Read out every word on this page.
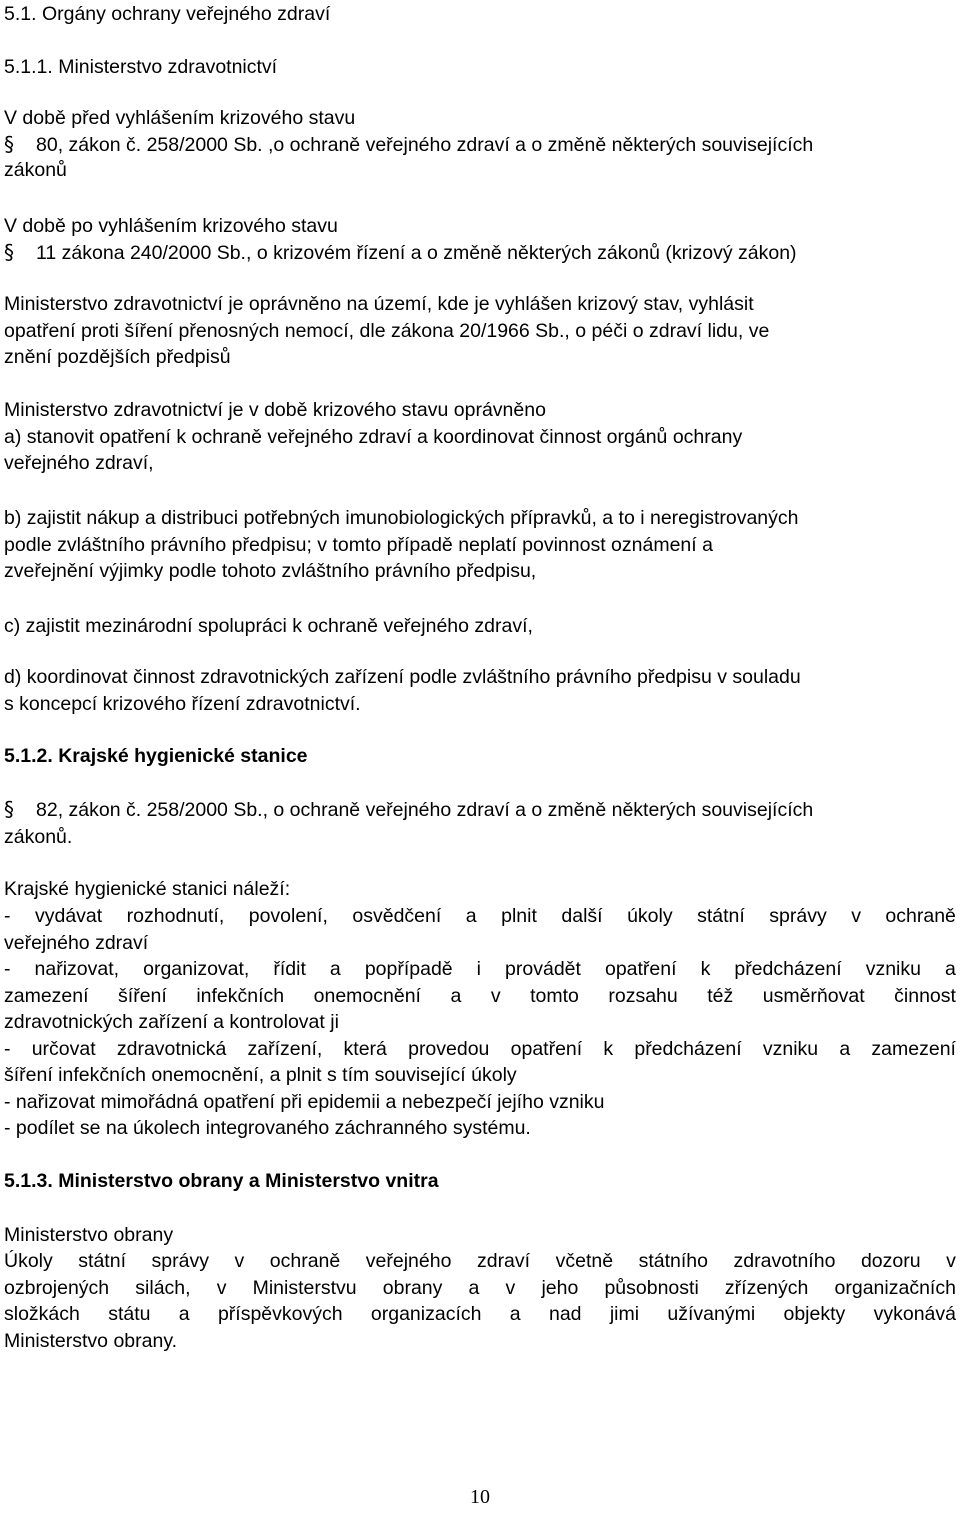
5.1. Orgány ochrany veřejného zdraví
5.1.1. Ministerstvo zdravotnictví
V době před vyhlášením krizového stavu
§ 80, zákon č. 258/2000 Sb. ,o ochraně veřejného zdraví a o změně některých souvisejících
zákonů
V době po vyhlášením krizového stavu
§ 11 zákona 240/2000 Sb., o krizovém řízení a o změně některých zákonů (krizový zákon)
Ministerstvo zdravotnictví je oprávněno na území, kde je vyhlášen krizový stav, vyhlásit
opatření proti šíření přenosných nemocí, dle zákona 20/1966 Sb., o péči o zdraví lidu, ve
znění pozdějších předpisů
Ministerstvo zdravotnictví je v době krizového stavu oprávněno
a) stanovit opatření k ochraně veřejného zdraví a koordinovat činnost orgánů ochrany
veřejného zdraví,
b) zajistit nákup a distribuci potřebných imunobiologických přípravků, a to i neregistrovaných
podle zvláštního právního předpisu; v tomto případě neplatí povinnost oznámení a
zveřejnění výjimky podle tohoto zvláštního právního předpisu,
c) zajistit mezinárodní spolupráci k ochraně veřejného zdraví,
d) koordinovat činnost zdravotnických zařízení podle zvláštního právního předpisu v souladu
s koncepcí krizového řízení zdravotnictví.
5.1.2. Krajské hygienické stanice
§ 82, zákon č. 258/2000 Sb., o ochraně veřejného zdraví a o změně některých souvisejících
zákonů.
Krajské hygienické stanici náleží:
- vydávat rozhodnutí, povolení, osvědčení a plnit další úkoly státní správy v ochraně
veřejného zdraví
- nařizovat, organizovat, řídit a popřípadě i provádět opatření k předcházení vzniku a
zamezení šíření infekčních onemocnění a v tomto rozsahu též usměrňovat činnost
zdravotnických zařízení a kontrolovat ji
- určovat zdravotnická zařízení, která provedou opatření k předcházení vzniku a zamezení
šíření infekčních onemocnění, a plnit s tím související úkoly
- nařizovat mimořádná opatření při epidemii a nebezpečí jejího vzniku
- podílet se na úkolech integrovaného záchranného systému.
5.1.3. Ministerstvo obrany a Ministerstvo vnitra
Ministerstvo obrany
Úkoly státní správy v ochraně veřejného zdraví včetně státního zdravotního dozoru v
ozbrojených silách, v Ministerstvu obrany a v jeho působnosti zřízených organizačních
složkách státu a příspěvkových organizacích a nad jimi užívanými objekty vykonává
Ministerstvo obrany.
10
